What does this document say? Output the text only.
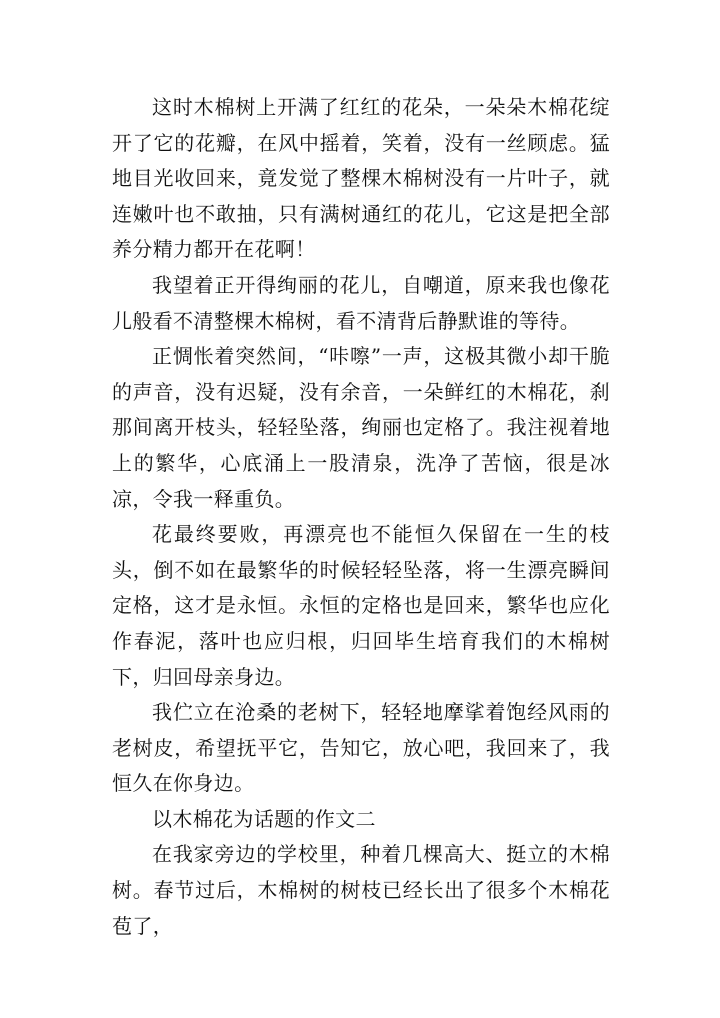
这时木棉树上开满了红红的花朵，一朵朵木棉花绽开了它的花瓣，在风中摇着，笑着，没有一丝顾虑。猛地目光收回来，竟发觉了整棵木棉树没有一片叶子，就连嫩叶也不敢抽，只有满树通红的花儿，它这是把全部养分精力都开在花啊！

我望着正开得绚丽的花儿，自嘲道，原来我也像花儿般看不清整棵木棉树，看不清背后静默谁的等待。

正惆怅着突然间，“咔嚓”一声，这极其微小却干脆的声音，没有迟疑，没有余音，一朵鲜红的木棉花，刹那间离开枝头，轻轻坠落，绚丽也定格了。我注视着地上的繁华，心底涌上一股清泉，洗净了苦恼，很是冰凉，令我一释重负。

花最终要败，再漂亮也不能恒久保留在一生的枝头，倒不如在最繁华的时候轻轻坠落，将一生漂亮瞬间定格，这才是永恒。永恒的定格也是回来，繁华也应化作春泥，落叶也应归根，归回毕生培育我们的木棉树下，归回母亲身边。

我伫立在沧桑的老树下，轻轻地摩挲着饱经风雨的老树皮，希望抚平它，告知它，放心吧，我回来了，我恒久在你身边。

以木棉花为话题的作文二

在我家旁边的学校里，种着几棵高大、挺立的木棉树。春节过后，木棉树的树枝已经长出了很多个木棉花苞了，
